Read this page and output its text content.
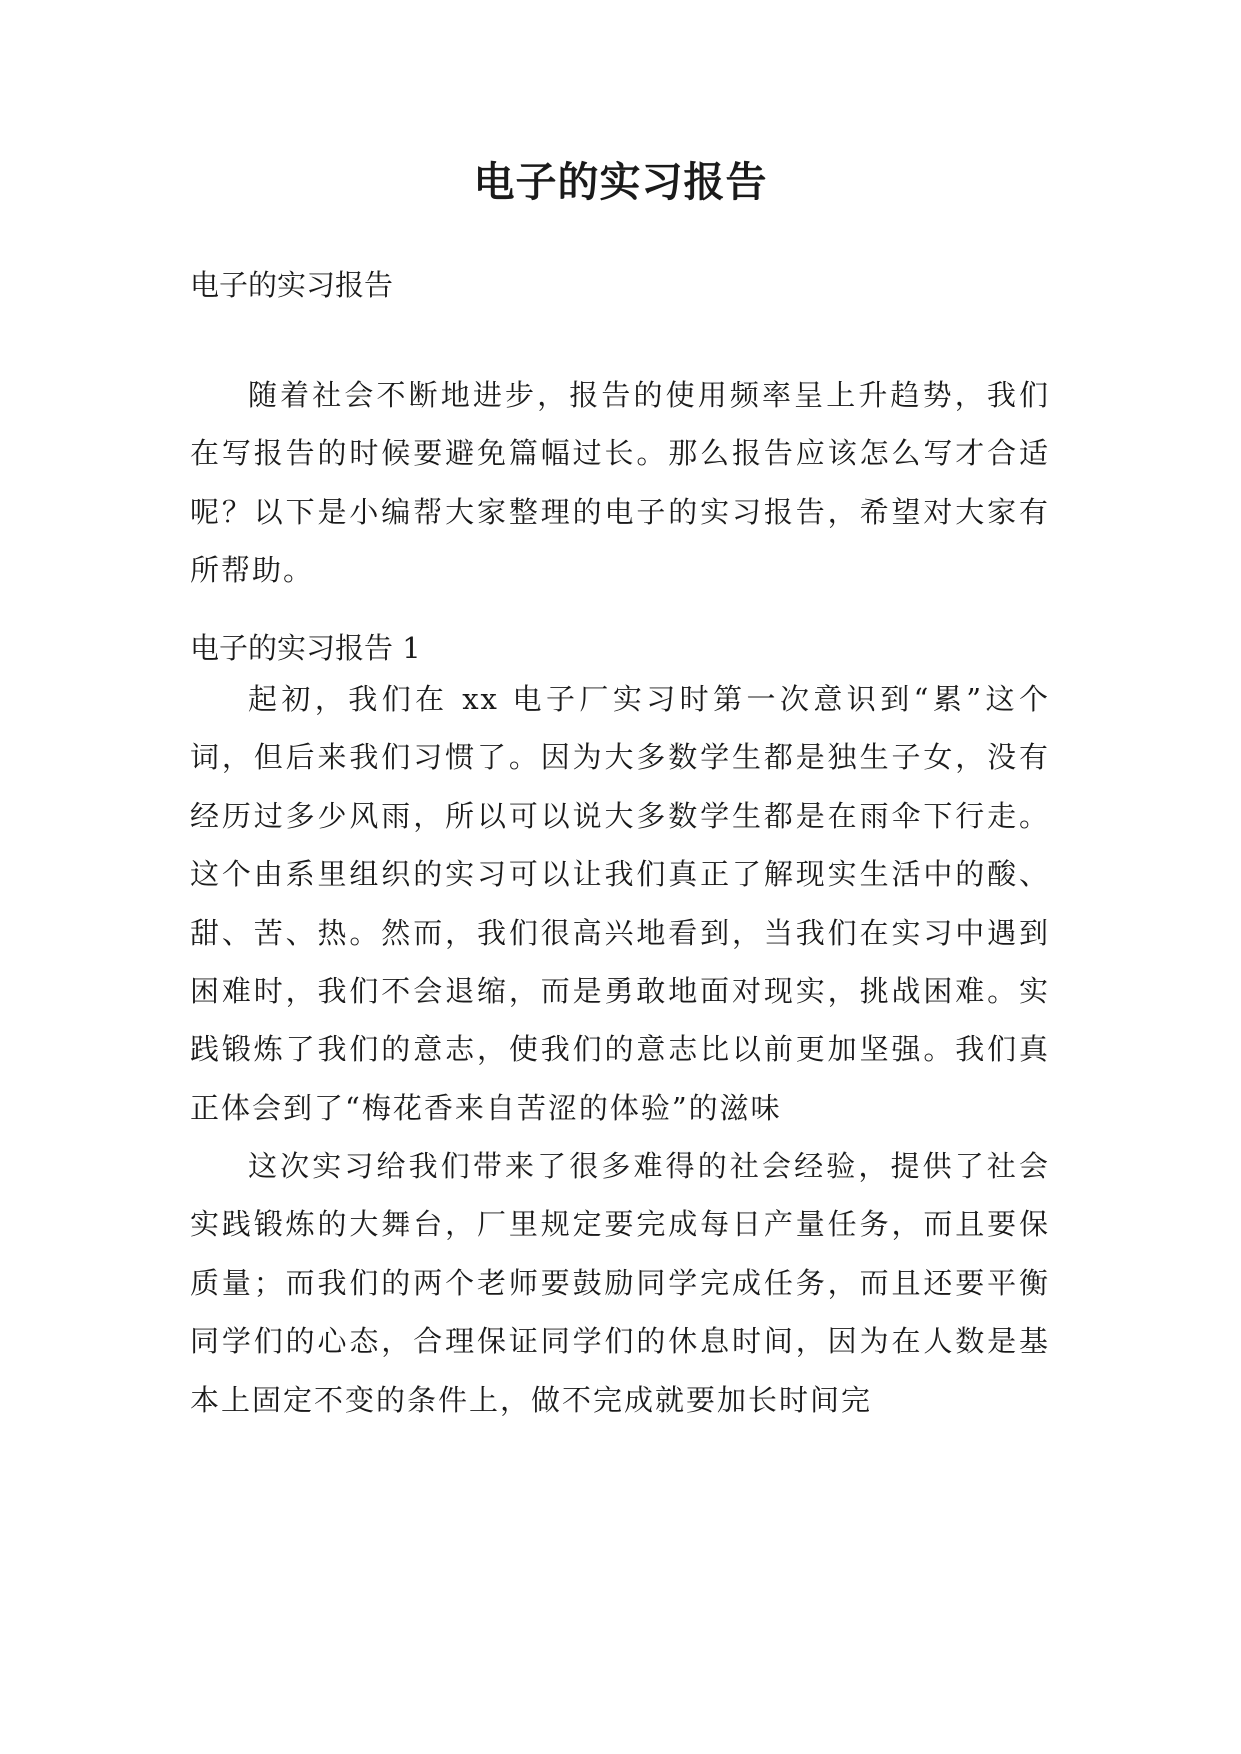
电子的实习报告

电子的实习报告

随着社会不断地进步，报告的使用频率呈上升趋势，我们在写报告的时候要避免篇幅过长。那么报告应该怎么写才合适呢？以下是小编帮大家整理的电子的实习报告，希望对大家有所帮助。

电子的实习报告 1

起初，我们在 xx 电子厂实习时第一次意识到“累”这个词，但后来我们习惯了。因为大多数学生都是独生子女，没有经历过多少风雨，所以可以说大多数学生都是在雨伞下行走。这个由系里组织的实习可以让我们真正了解现实生活中的酸、甜、苦、热。然而，我们很高兴地看到，当我们在实习中遇到困难时，我们不会退缩，而是勇敢地面对现实，挑战困难。实践锻炼了我们的意志，使我们的意志比以前更加坚强。我们真正体会到了“梅花香来自苦涩的体验”的滋味

这次实习给我们带来了很多难得的社会经验，提供了社会实践锻炼的大舞台，厂里规定要完成每日产量任务，而且要保质量；而我们的两个老师要鼓励同学完成任务，而且还要平衡同学们的心态，合理保证同学们的休息时间，因为在人数是基本上固定不变的条件上，做不完成就要加长时间完
